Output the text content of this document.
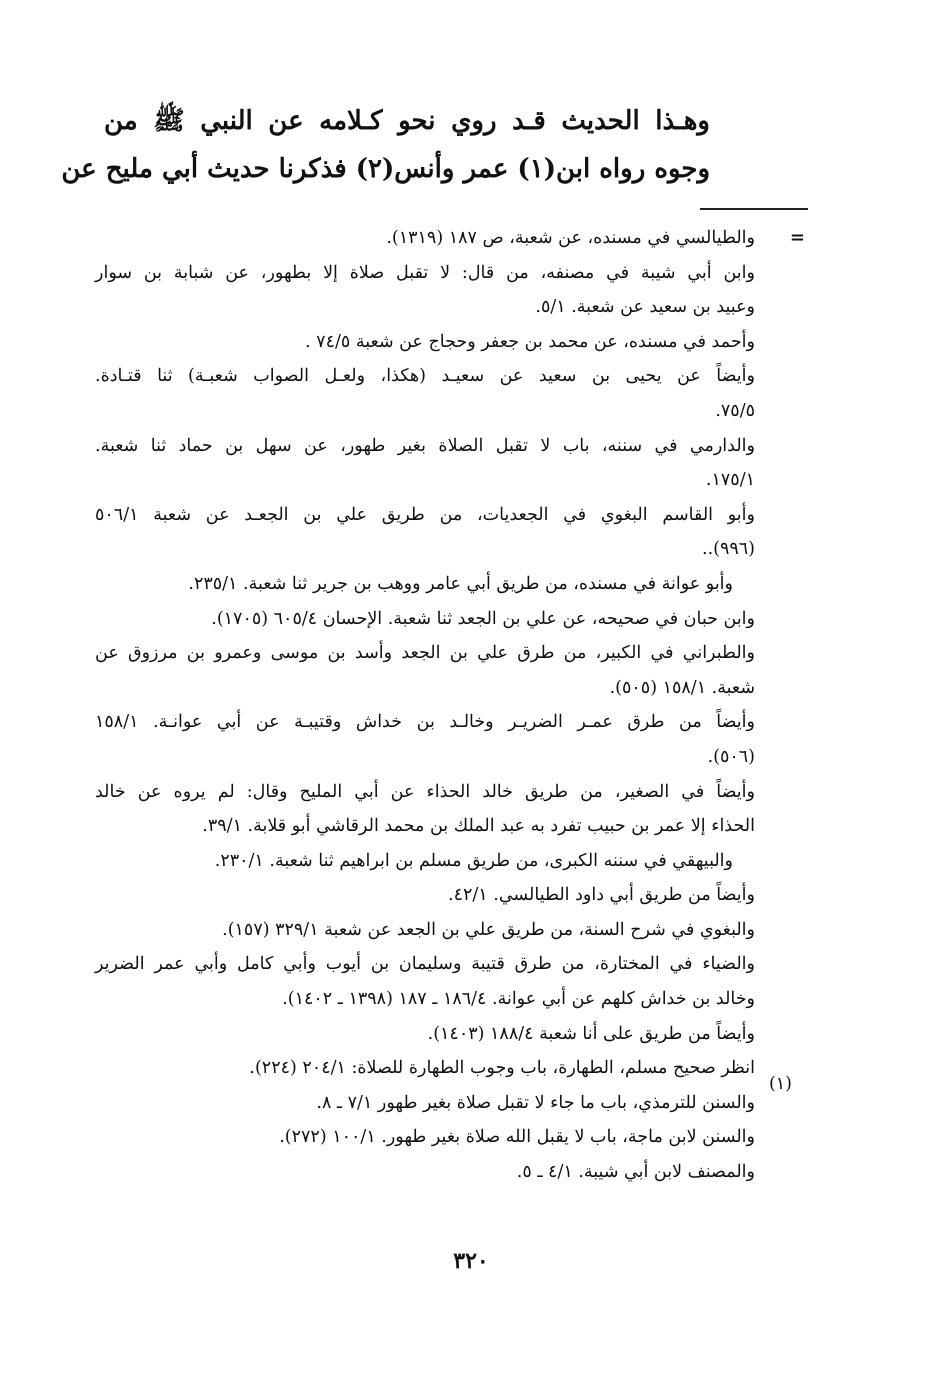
وهـذا الحديث قـد روي نحو كـلامه عن النبي ﷺ من
وجوه رواه ابن(١) عمر وأنس(٢) فذكرنا حديث أبي مليح عن
=
والطيالسي في مسنده، عن شعبة، ص ١٨٧ (١٣١٩).
وابن أبي شيبة في مصنفه، من قال: لا تقبل صلاة إلا بطهور، عن شبابة بن سوار
وعبيد بن سعيد عن شعبة. ٥/١.
وأحمد في مسنده، عن محمد بن جعفر وحجاج عن شعبة ٧٤/٥ .
وأيضاً عن يحيى بن سعيد عن سعيـد (هكذا، ولعـل الصواب شعبـة) ثنا قتـادة.
٧٥/٥.
والدارمي في سننه، باب لا تقبل الصلاة بغير طهور، عن سهل بن حماد ثنا شعبة.
١٧٥/١.
وأبو القاسم البغوي في الجعديات، من طريق علي بن الجعـد عن شعبة ٥٠٦/١
(٩٩٦)..
وأبو عوانة في مسنده، من طريق أبي عامر ووهب بن جرير ثنا شعبة. ٢٣٥/١.
وابن حبان في صحيحه، عن علي بن الجعد ثنا شعبة. الإحسان ٦٠٥/٤ (١٧٠٥).
والطبراني في الكبير، من طرق علي بن الجعد وأسد بن موسى وعمرو بن مرزوق عن
شعبة. ١٥٨/١ (٥٠٥).
وأيضاً من طرق عمـر الضريـر وخالـد بن خداش وقتيبـة عن أبي عوانـة. ١٥٨/١
(٥٠٦).
وأيضاً في الصغير، من طريق خالد الحذاء عن أبي المليح وقال: لم يروه عن خالد
الحذاء إلا عمر بن حبيب تفرد به عبد الملك بن محمد الرقاشي أبو قلابة. ٣٩/١.
والبيهقي في سننه الكبرى، من طريق مسلم بن ابراهيم ثنا شعبة. ٢٣٠/١.
وأيضاً من طريق أبي داود الطيالسي. ٤٢/١.
والبغوي في شرح السنة، من طريق علي بن الجعد عن شعبة ٣٢٩/١ (١٥٧).
والضياء في المختارة، من طرق قتيبة وسليمان بن أيوب وأبي كامل وأبي عمر الضرير
وخالد بن خداش كلهم عن أبي عوانة. ١٨٦/٤ ـ ١٨٧ (١٣٩٨ ـ ١٤٠٢).
وأيضاً من طريق على أنا شعبة ١٨٨/٤ (١٤٠٣).
انظر صحيح مسلم، الطهارة، باب وجوب الطهارة للصلاة: ٢٠٤/١ (٢٢٤).
والسنن للترمذي، باب ما جاء لا تقبل صلاة بغير طهور ٧/١ ـ ٨.
والسنن لابن ماجة، باب لا يقبل الله صلاة بغير طهور. ١٠٠/١ (٢٧٢).
والمصنف لابن أبي شيبة. ٤/١ ـ ٥.
(١)
٣٢٠
